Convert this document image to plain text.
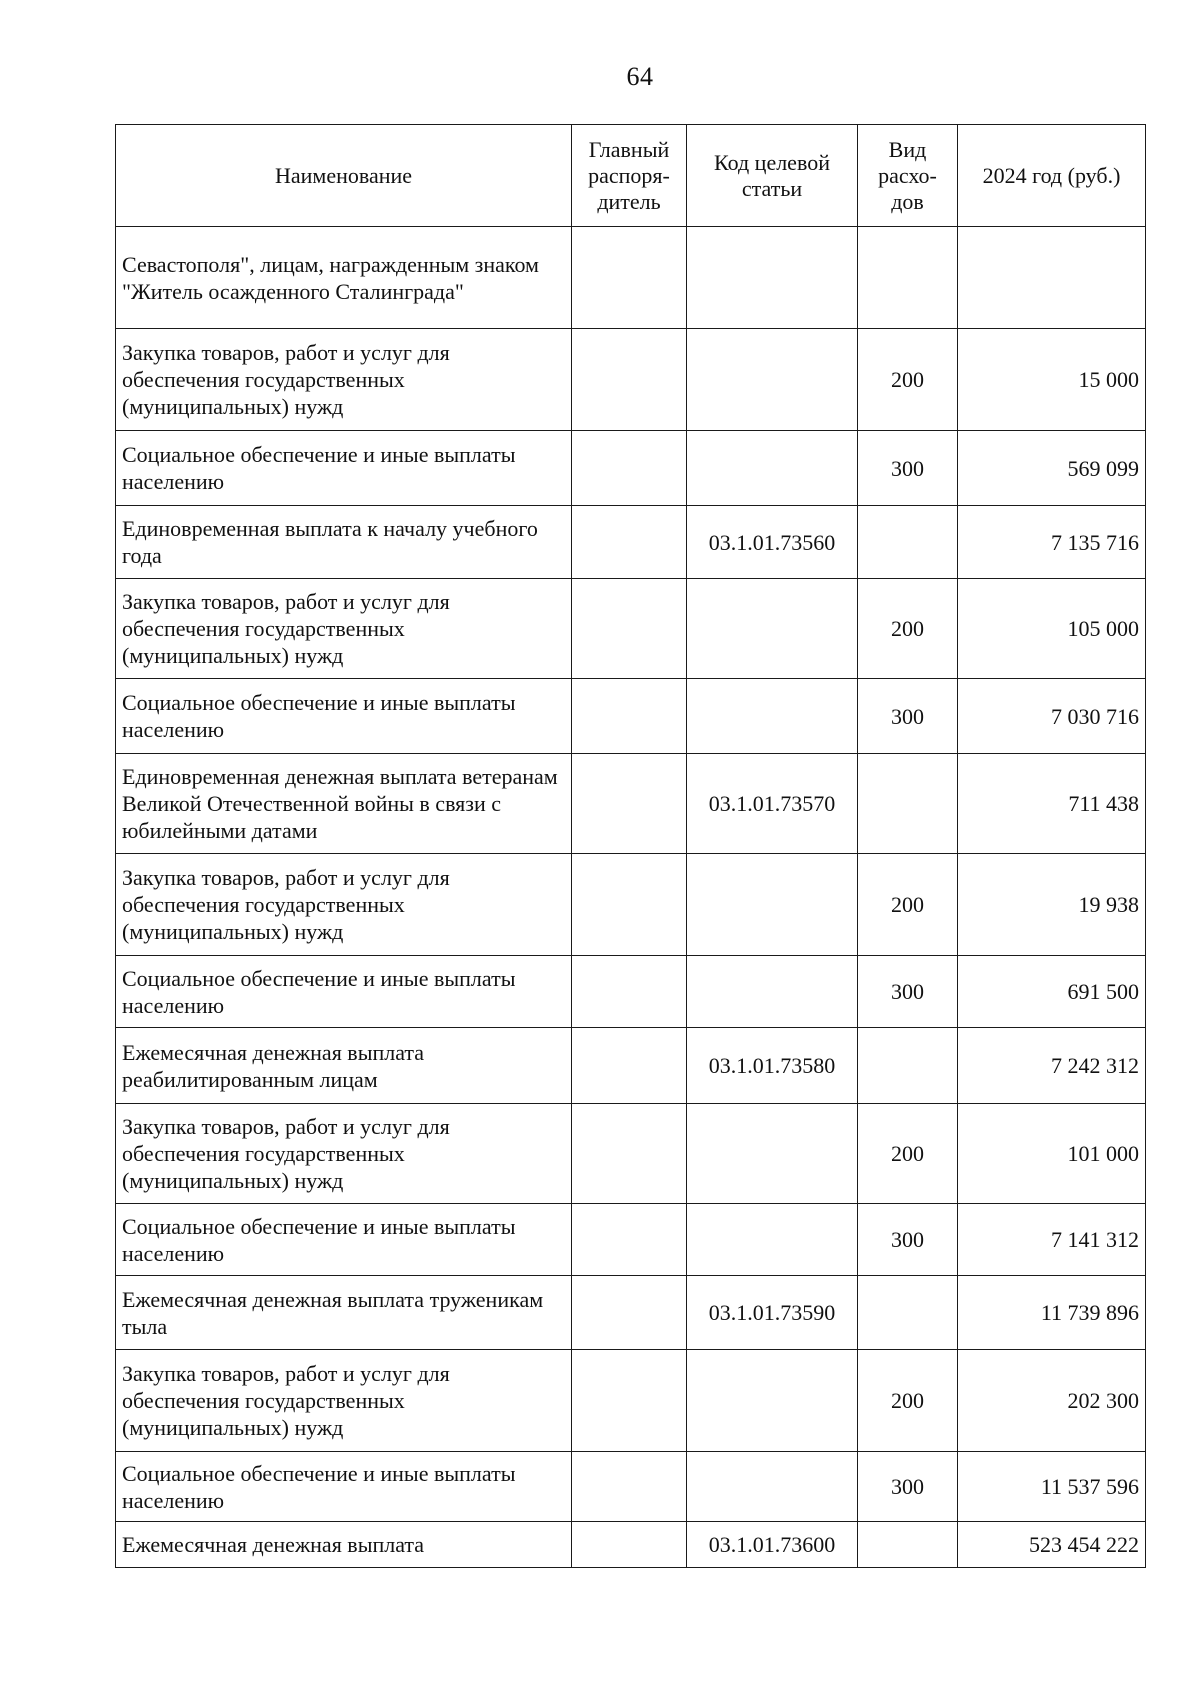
64
Наименование	Главный распоря-дитель	Код целевой статьи	Вид расхо-дов	2024 год (руб.)
Севастополя", лицам, награжденным знаком "Житель осажденного Сталинграда"				
Закупка товаров, работ и услуг для обеспечения государственных (муниципальных) нужд			200	15 000
Социальное обеспечение и иные выплаты населению			300	569 099
Единовременная выплата к началу учебного года		03.1.01.73560		7 135 716
Закупка товаров, работ и услуг для обеспечения государственных (муниципальных) нужд			200	105 000
Социальное обеспечение и иные выплаты населению			300	7 030 716
Единовременная денежная выплата ветеранам Великой Отечественной войны в связи с юбилейными датами		03.1.01.73570		711 438
Закупка товаров, работ и услуг для обеспечения государственных (муниципальных) нужд			200	19 938
Социальное обеспечение и иные выплаты населению			300	691 500
Ежемесячная денежная выплата реабилитированным лицам		03.1.01.73580		7 242 312
Закупка товаров, работ и услуг для обеспечения государственных (муниципальных) нужд			200	101 000
Социальное обеспечение и иные выплаты населению			300	7 141 312
Ежемесячная денежная выплата труженикам тыла		03.1.01.73590		11 739 896
Закупка товаров, работ и услуг для обеспечения государственных (муниципальных) нужд			200	202 300
Социальное обеспечение и иные выплаты населению			300	11 537 596
Ежемесячная денежная выплата		03.1.01.73600		523 454 222
